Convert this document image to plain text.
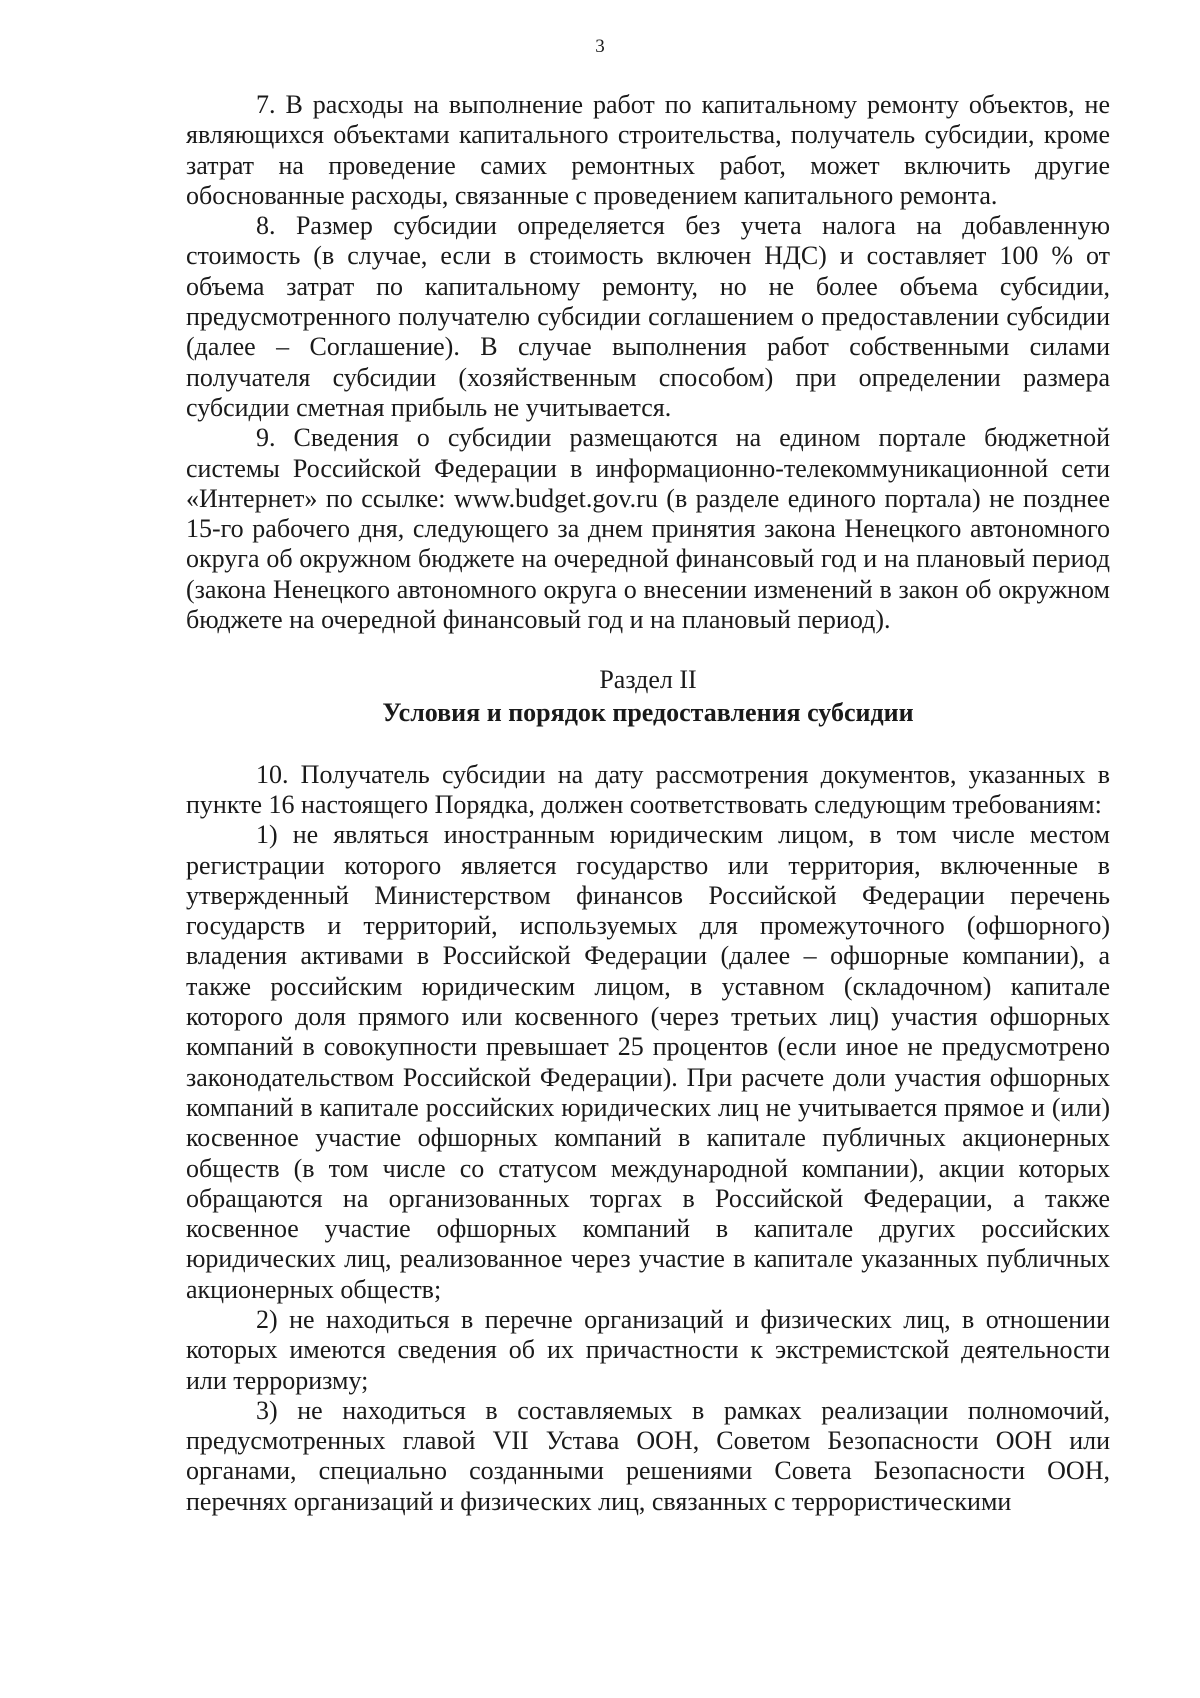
3

7. В расходы на выполнение работ по капитальному ремонту объектов, не являющихся объектами капитального строительства, получатель субсидии, кроме затрат на проведение самих ремонтных работ, может включить другие обоснованные расходы, связанные с проведением капитального ремонта.

8. Размер субсидии определяется без учета налога на добавленную стоимость (в случае, если в стоимость включен НДС) и составляет 100 % от объема затрат по капитальному ремонту, но не более объема субсидии, предусмотренного получателю субсидии соглашением о предоставлении субсидии (далее – Соглашение). В случае выполнения работ собственными силами получателя субсидии (хозяйственным способом) при определении размера субсидии сметная прибыль не учитывается.

9. Сведения о субсидии размещаются на едином портале бюджетной системы Российской Федерации в информационно-телекоммуникационной сети «Интернет» по ссылке: www.budget.gov.ru (в разделе единого портала) не позднее 15-го рабочего дня, следующего за днем принятия закона Ненецкого автономного округа об окружном бюджете на очередной финансовый год и на плановый период (закона Ненецкого автономного округа о внесении изменений в закон об окружном бюджете на очередной финансовый год и на плановый период).

Раздел II
Условия и порядок предоставления субсидии

10. Получатель субсидии на дату рассмотрения документов, указанных в пункте 16 настоящего Порядка, должен соответствовать следующим требованиям:

1) не являться иностранным юридическим лицом, в том числе местом регистрации которого является государство или территория, включенные в утвержденный Министерством финансов Российской Федерации перечень государств и территорий, используемых для промежуточного (офшорного) владения активами в Российской Федерации (далее – офшорные компании), а также российским юридическим лицом, в уставном (складочном) капитале которого доля прямого или косвенного (через третьих лиц) участия офшорных компаний в совокупности превышает 25 процентов (если иное не предусмотрено законодательством Российской Федерации). При расчете доли участия офшорных компаний в капитале российских юридических лиц не учитывается прямое и (или) косвенное участие офшорных компаний в капитале публичных акционерных обществ (в том числе со статусом международной компании), акции которых обращаются на организованных торгах в Российской Федерации, а также косвенное участие офшорных компаний в капитале других российских юридических лиц, реализованное через участие в капитале указанных публичных акционерных обществ;

2) не находиться в перечне организаций и физических лиц, в отношении которых имеются сведения об их причастности к экстремистской деятельности или терроризму;

3) не находиться в составляемых в рамках реализации полномочий, предусмотренных главой VII Устава ООН, Советом Безопасности ООН или органами, специально созданными решениями Совета Безопасности ООН, перечнях организаций и физических лиц, связанных с террористическими
